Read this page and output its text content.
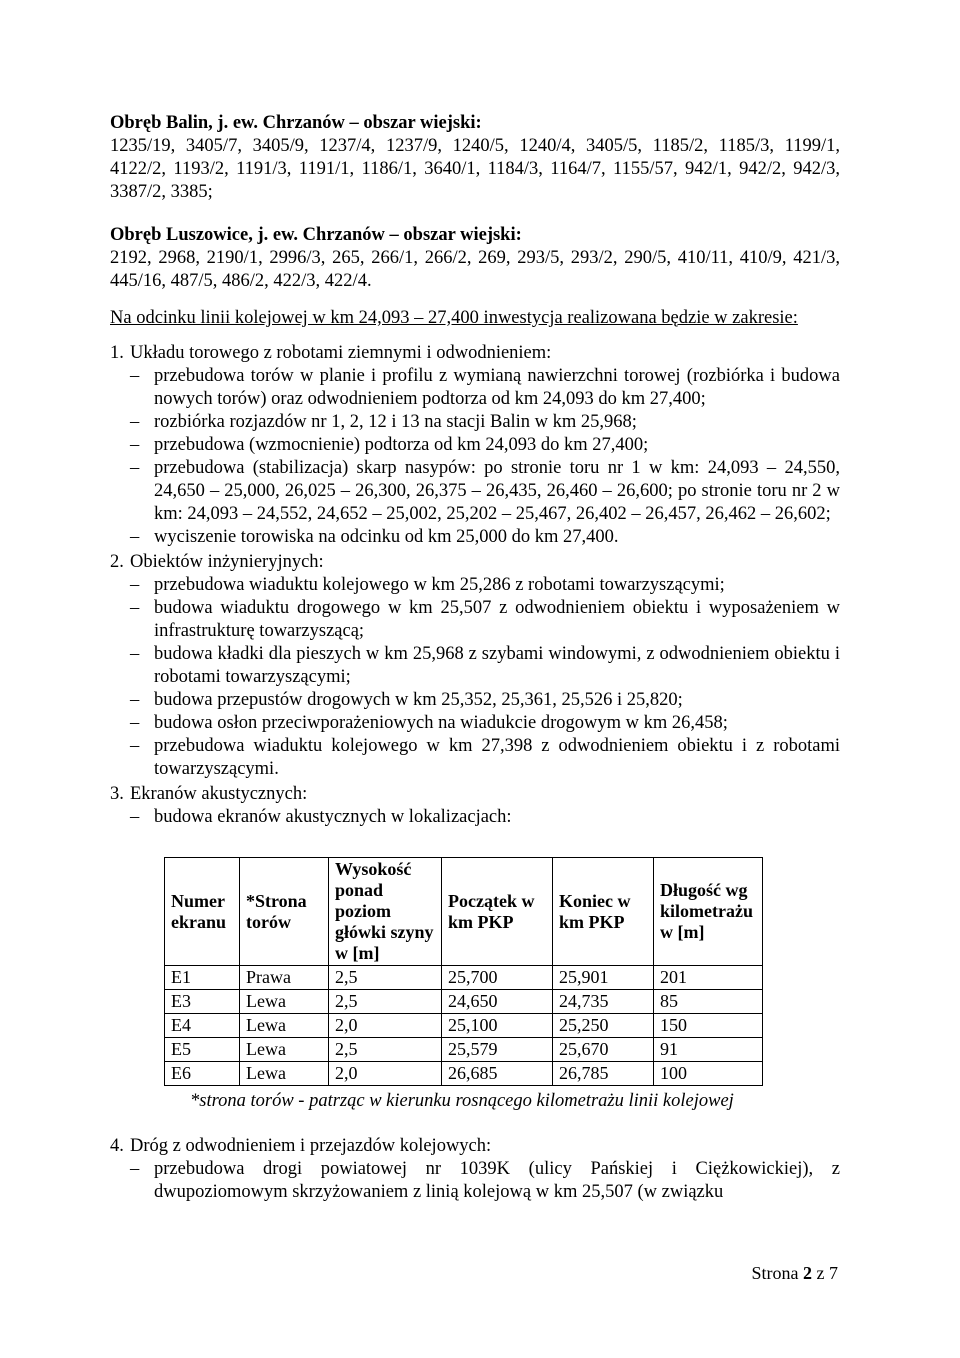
Obręb Balin, j. ew. Chrzanów – obszar wiejski:

1235/19, 3405/7, 3405/9, 1237/4, 1237/9, 1240/5, 1240/4, 3405/5, 1185/2, 1185/3, 1199/1, 4122/2, 1193/2, 1191/3, 1191/1, 1186/1, 3640/1, 1184/3, 1164/7, 1155/57, 942/1, 942/2, 942/3, 3387/2, 3385;

Obręb Luszowice, j. ew. Chrzanów – obszar wiejski:

2192, 2968, 2190/1, 2996/3, 265, 266/1, 266/2, 269, 293/5, 293/2, 290/5, 410/11, 410/9, 421/3, 445/16, 487/5, 486/2, 422/3, 422/4.

Na odcinku linii kolejowej w km 24,093 – 27,400 inwestycja realizowana będzie w zakresie:

1. Układu torowego z robotami ziemnymi i odwodnieniem:
– przebudowa torów w planie i profilu z wymianą nawierzchni torowej (rozbiórka i budowa nowych torów) oraz odwodnieniem podtorza od km 24,093 do km 27,400;
– rozbiórka rozjazdów nr 1, 2, 12 i 13 na stacji Balin w km 25,968;
– przebudowa (wzmocnienie) podtorza od km 24,093 do km 27,400;
– przebudowa (stabilizacja) skarp nasypów: po stronie toru nr 1 w km: 24,093 – 24,550, 24,650 – 25,000, 26,025 – 26,300, 26,375 – 26,435, 26,460 – 26,600; po stronie toru nr 2 w km: 24,093 – 24,552, 24,652 – 25,002, 25,202 – 25,467, 26,402 – 26,457, 26,462 – 26,602;
– wyciszenie torowiska na odcinku od km 25,000 do km 27,400.
2. Obiektów inżynieryjnych:
– przebudowa wiaduktu kolejowego w km 25,286 z robotami towarzyszącymi;
– budowa wiaduktu drogowego w km 25,507 z odwodnieniem obiektu i wyposażeniem w infrastrukturę towarzyszącą;
– budowa kładki dla pieszych w km 25,968 z szybami windowymi, z odwodnieniem obiektu i robotami towarzyszącymi;
– budowa przepustów drogowych w km 25,352, 25,361, 25,526 i 25,820;
– budowa osłon przeciwporażeniowych na wiadukcie drogowym w km 26,458;
– przebudowa wiaduktu kolejowego w km 27,398 z odwodnieniem obiektu i z robotami towarzyszącymi.
3. Ekranów akustycznych:
– budowa ekranów akustycznych w lokalizacjach:
Numer ekranu	*Strona torów	Wysokość ponad poziom główki szyny w [m]	Początek w km PKP	Koniec w km PKP	Długość wg kilometrażu w [m]
E1	Prawa	2,5	25,700	25,901	201
E3	Lewa	2,5	24,650	24,735	85
E4	Lewa	2,0	25,100	25,250	150
E5	Lewa	2,5	25,579	25,670	91
E6	Lewa	2,0	26,685	26,785	100

*strona torów - patrząc w kierunku rosnącego kilometrażu linii kolejowej

4. Dróg z odwodnieniem i przejazdów kolejowych:
– przebudowa drogi powiatowej nr 1039K (ulicy Pańskiej i Ciężkowickiej), z dwupoziomowym skrzyżowaniem z linią kolejową w km 25,507 (w związku
Strona 2 z 7
